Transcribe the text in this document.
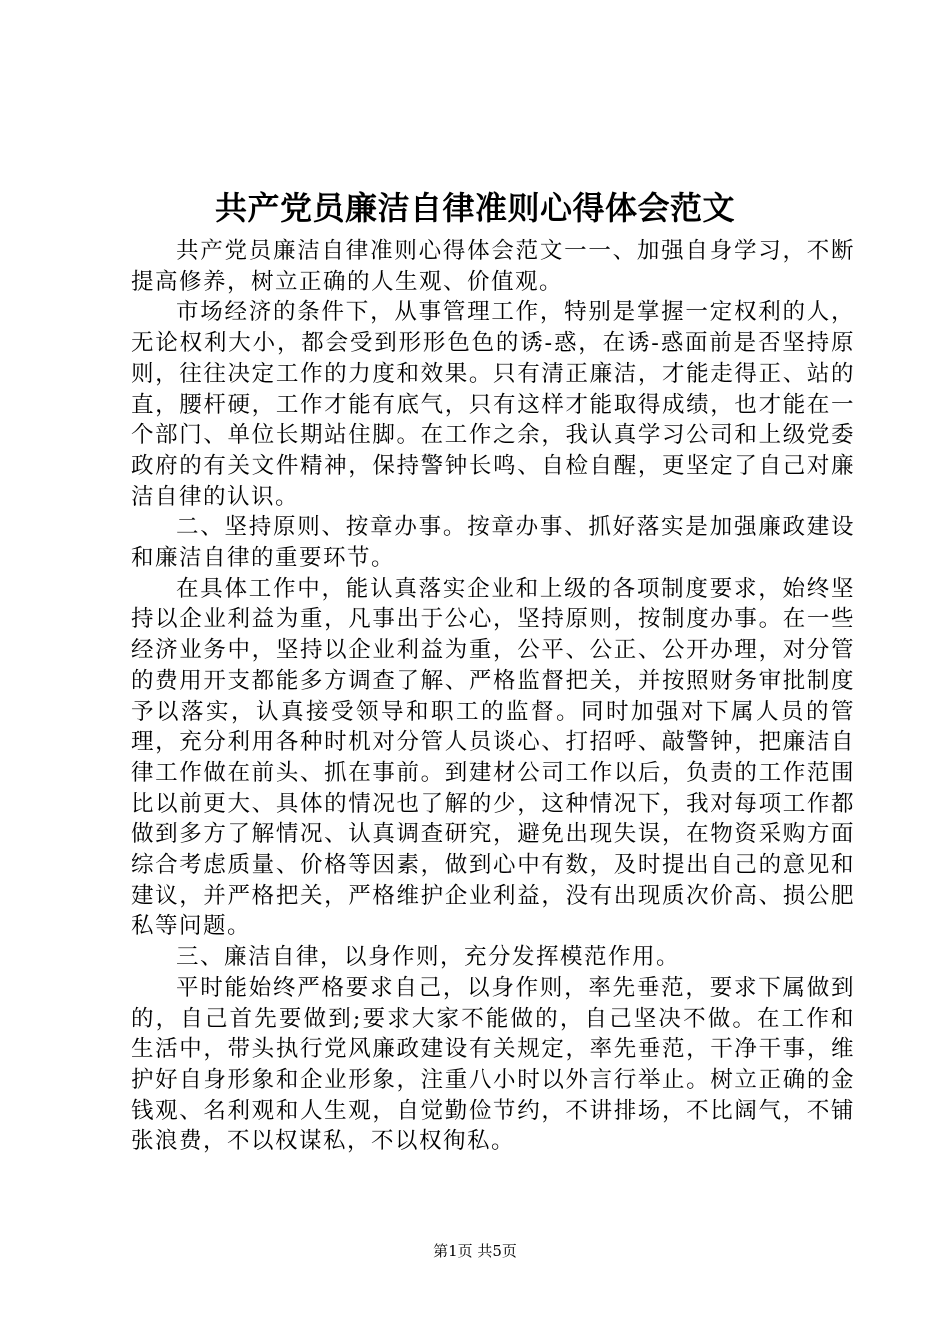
共产党员廉洁自律准则心得体会范文

共产党员廉洁自律准则心得体会范文一一、加强自身学习，不断提高修养，树立正确的人生观、价值观。

市场经济的条件下，从事管理工作，特别是掌握一定权利的人，无论权利大小，都会受到形形色色的诱-惑，在诱-惑面前是否坚持原则，往往决定工作的力度和效果。只有清正廉洁，才能走得正、站的直，腰杆硬，工作才能有底气，只有这样才能取得成绩，也才能在一个部门、单位长期站住脚。在工作之余，我认真学习公司和上级党委政府的有关文件精神，保持警钟长鸣、自检自醒，更坚定了自己对廉洁自律的认识。

二、坚持原则、按章办事。按章办事、抓好落实是加强廉政建设和廉洁自律的重要环节。

在具体工作中，能认真落实企业和上级的各项制度要求，始终坚持以企业利益为重，凡事出于公心，坚持原则，按制度办事。在一些经济业务中，坚持以企业利益为重，公平、公正、公开办理，对分管的费用开支都能多方调查了解、严格监督把关，并按照财务审批制度予以落实，认真接受领导和职工的监督。同时加强对下属人员的管理，充分利用各种时机对分管人员谈心、打招呼、敲警钟，把廉洁自律工作做在前头、抓在事前。到建材公司工作以后，负责的工作范围比以前更大、具体的情况也了解的少，这种情况下，我对每项工作都做到多方了解情况、认真调查研究，避免出现失误，在物资采购方面综合考虑质量、价格等因素，做到心中有数，及时提出自己的意见和建议，并严格把关，严格维护企业利益，没有出现质次价高、损公肥私等问题。

三、廉洁自律，以身作则，充分发挥模范作用。

平时能始终严格要求自己，以身作则，率先垂范，要求下属做到的，自己首先要做到;要求大家不能做的，自己坚决不做。在工作和生活中，带头执行党风廉政建设有关规定，率先垂范，干净干事，维护好自身形象和企业形象，注重八小时以外言行举止。树立正确的金钱观、名利观和人生观，自觉勤俭节约，不讲排场，不比阔气，不铺张浪费，不以权谋私，不以权徇私。

第1页 共5页
